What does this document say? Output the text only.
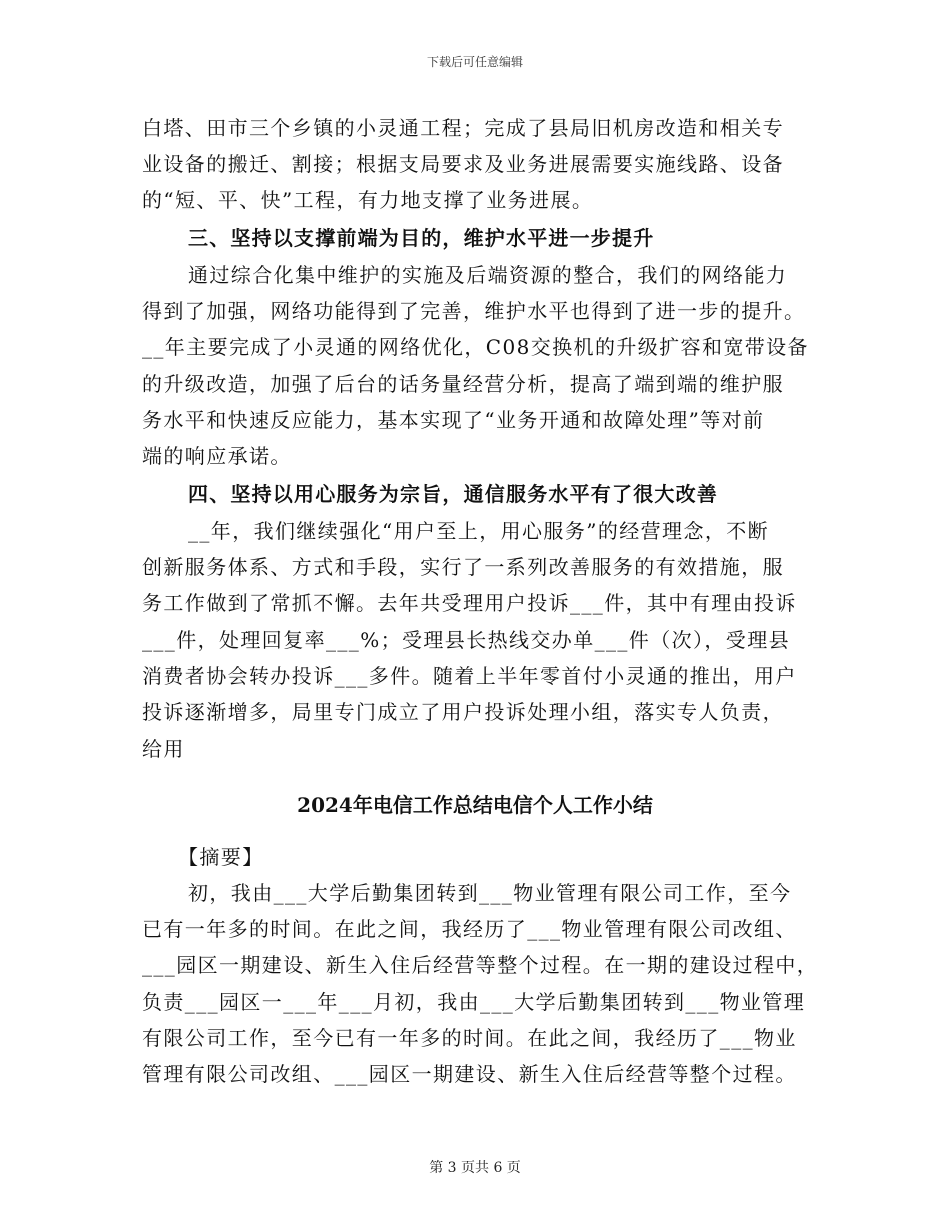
下载后可任意编辑
白塔、田市三个乡镇的小灵通工程；完成了县局旧机房改造和相关专
业设备的搬迁、割接；根据支局要求及业务进展需要实施线路、设备
的“短、平、快”工程，有力地支撑了业务进展。
三、坚持以支撑前端为目的，维护水平进一步提升
通过综合化集中维护的实施及后端资源的整合，我们的网络能力
得到了加强，网络功能得到了完善，维护水平也得到了进一步的提升。
__年主要完成了小灵通的网络优化，C08交换机的升级扩容和宽带设备
的升级改造，加强了后台的话务量经营分析，提高了端到端的维护服
务水平和快速反应能力，基本实现了“业务开通和故障处理”等对前
端的响应承诺。
四、坚持以用心服务为宗旨，通信服务水平有了很大改善
__年，我们继续强化“用户至上，用心服务”的经营理念，不断
创新服务体系、方式和手段，实行了一系列改善服务的有效措施，服
务工作做到了常抓不懈。去年共受理用户投诉___件，其中有理由投诉
___件，处理回复率___%；受理县长热线交办单___件（次），受理县
消费者协会转办投诉___多件。随着上半年零首付小灵通的推出，用户
投诉逐渐增多，局里专门成立了用户投诉处理小组，落实专人负责，
给用
2024年电信工作总结电信个人工作小结
【摘要】
初，我由___大学后勤集团转到___物业管理有限公司工作，至今
已有一年多的时间。在此之间，我经历了___物业管理有限公司改组、
___园区一期建设、新生入住后经营等整个过程。在一期的建设过程中，
负责___园区一___年___月初，我由___大学后勤集团转到___物业管理
有限公司工作，至今已有一年多的时间。在此之间，我经历了___物业
管理有限公司改组、___园区一期建设、新生入住后经营等整个过程。
第 3 页共 6 页
